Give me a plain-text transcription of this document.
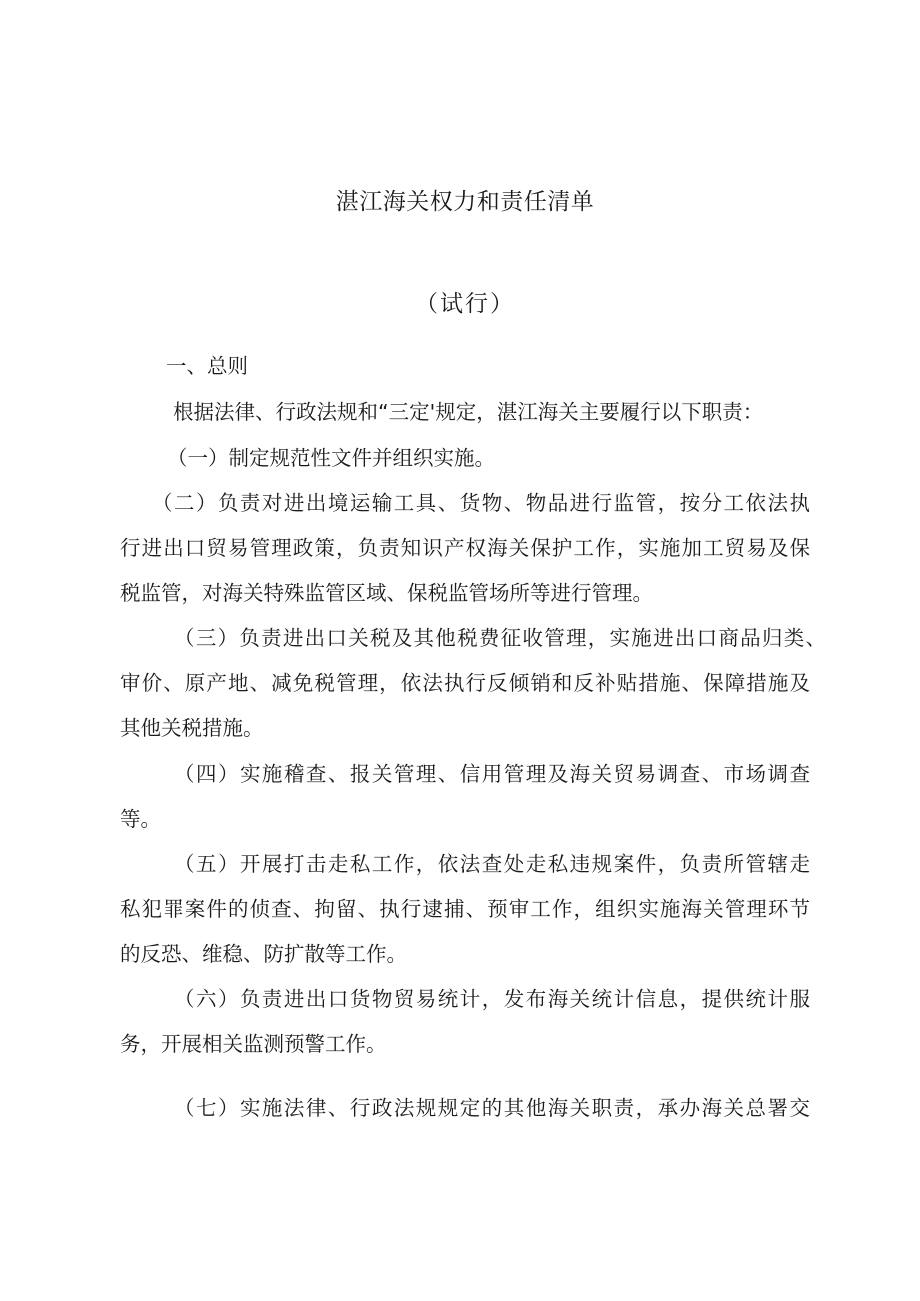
湛江海关权力和责任清单
（试行）
一、总则
根据法律、行政法规和“三定'规定，湛江海关主要履行以下职责：
（一）制定规范性文件并组织实施。
（二）负责对进出境运输工具、货物、物品进行监管，按分工依法执
行进出口贸易管理政策，负责知识产权海关保护工作，实施加工贸易及保
税监管，对海关特殊监管区域、保税监管场所等进行管理。
（三）负责进出口关税及其他税费征收管理，实施进出口商品归类、
审价、原产地、减免税管理，依法执行反倾销和反补贴措施、保障措施及
其他关税措施。
（四）实施稽查、报关管理、信用管理及海关贸易调查、市场调查
等。
（五）开展打击走私工作，依法查处走私违规案件，负责所管辖走
私犯罪案件的侦查、拘留、执行逮捕、预审工作，组织实施海关管理环节
的反恐、维稳、防扩散等工作。
（六）负责进出口货物贸易统计，发布海关统计信息，提供统计服
务，开展相关监测预警工作。
（七）实施法律、行政法规规定的其他海关职责，承办海关总署交
